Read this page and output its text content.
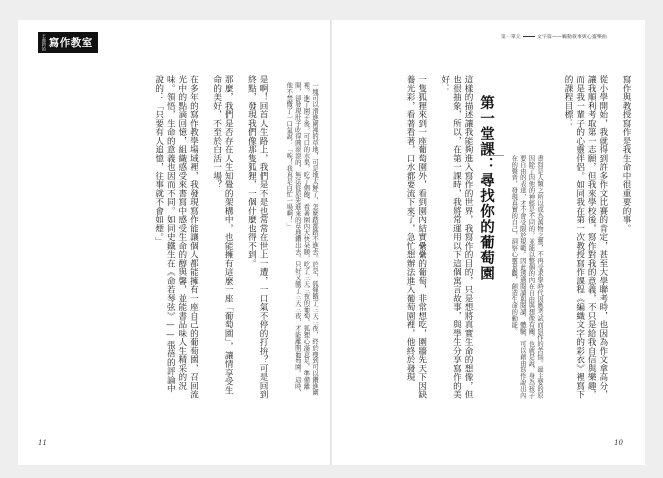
王鼎鈞的 寫作教室
一塊可以滑進圍裡的草地，可是地太鮮了，怎麼踏都踏不進去。於是，狐狸餓了三天三夜，終於瘦到可以鑽進圍裡。進了園子後，可口的水果，吃了個飽，看著園內大快朵頤，吃了三天三夜的葡萄，狐狸心滿意足，準備離開，卻發現肚子吃得圓滾滾的，無法從原先進來的草地鑽出去。只好又餓了三天三夜，才能離開葡萄園。這時，他不禁慨了一口氣說：「唉！我真是白忙一場啊！」
是啊！回首人生路上，我們是不是也常常在世上一遭，一口氣不停的打拚？可是回到終點，發現我們像那隻狐狸，一個什麼也得不到。

那麼，我們是否存在人生知覺的架構中，也能擁有這麼一座「葡萄園」，讓情享受生命的美好，不至於白活一場？

在多年的寫作教學場域裡，我發現寫作能讓個人都能擁有一座自己的葡萄園，召回流光中的點滴回憶，組織感受來書寫中感受生命的醇與馨，並能書品味人生精采的況味。領悟，生命的意義也因而不同。如同史鐵生在《命若琴弦》——張蓓的評論中說的：「只要有人追憶，往事就不會如煙。」
11
第一單元	文字篇——觸動敘事與心靈樂曲
寫作與教授寫作是我生命中很重要的事。

從小學開始，我就得到許多作文比賽的肯定，甚至大學聯考時，也因為作文拿高分，讓我順利考取第一志願，但我來學校後，寫作對我的意義，不只是給我自信與樂趣，而是我一輩子的心靈伴侶。如同我在第一次教授寫作課程《編織文字的彩衣》裡寫下的課程目標：
書寫是人類之所以成為萬物之靈，不再受求學時代因應考試而寫作的苦惱。最主要的原因除了因他的神經是不同的，並能以整個的內在自由與想像有關。也就是說，身為孩子要自由的表達，才不會受限於規範。因此透過閱讀與閱讀、體驗，可以藉由寫作說出內在的聲音，發現真實的自己，洞察心靈景觀，創造生命的動能。
第一堂課：尋找你的葡萄園
這樣的描述讓我能夠進入寫作的世界，我寫作的目的，只是想將真實生命的想像，但也很抽象，所以，在第一課時，我將常運用以下這個寓言故事，與學生分享寫作的美好：

一隻狐狸來到一座葡萄園外，看到園內結實纍纍的葡萄，非常想吃，圍牆先天下因缺養光彩，看著看著，口水都要流下來了，急忙想辦法進入葡萄園裡，他終於發現
10
